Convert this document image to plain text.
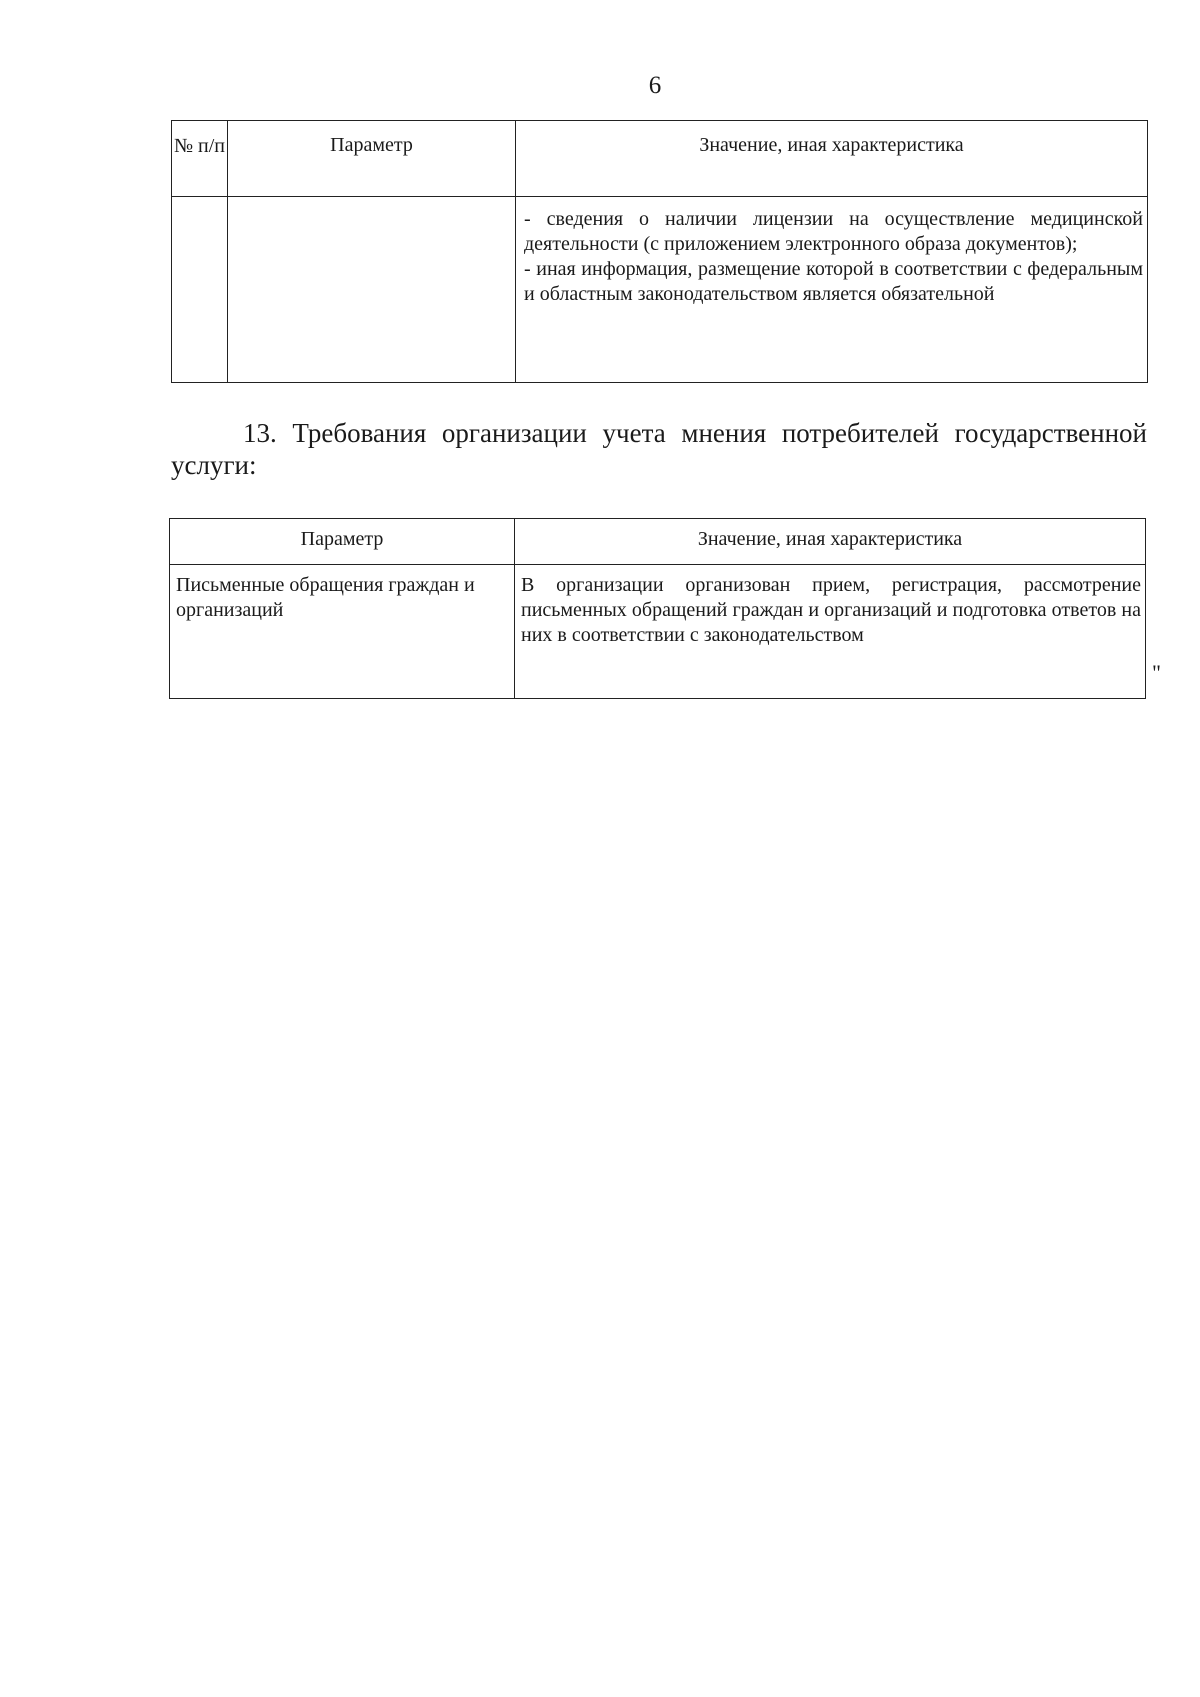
6
№ п/п	Параметр	Значение, иная характеристика

		- сведения о наличии лицензии на осуществление медицинской деятельности (с приложением электронного образа документов);
- иная информация, размещение которой в соответствии с федеральным и областным законодательством является обязательной
13. Требования организации учета мнения потребителей государственной услуги:
Параметр	Значение, иная характеристика
Письменные обращения граждан и организаций	В организации организован прием, регистрация, рассмотрение письменных обращений граждан и организаций и подготовка ответов на них в соответствии с законодательством
"
